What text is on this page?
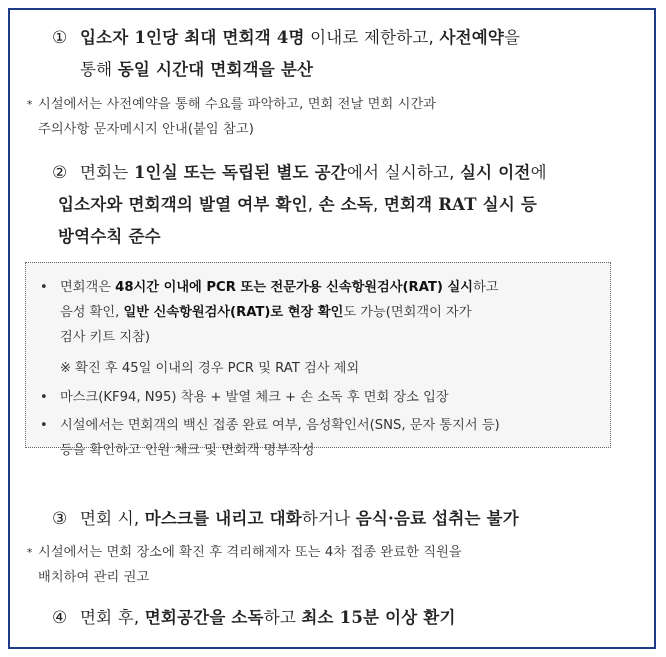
① 입소자 1인당 최대 면회객 4명 이내로 제한하고, 사전예약을
통해 동일 시간대 면회객을 분산
* 시설에서는 사전예약을 통해 수요를 파악하고, 면회 전날 면회 시간과
주의사항 문자메시지 안내(붙임 참고)
② 면회는 1인실 또는 독립된 별도 공간에서 실시하고, 실시 이전에
입소자와 면회객의 발열 여부 확인, 손 소독, 면회객 RAT 실시 등
방역수칙 준수
• 면회객은 48시간 이내에 PCR 또는 전문가용 신속항원검사(RAT) 실시하고
음성 확인, 일반 신속항원검사(RAT)로 현장 확인도 가능(면회객이 자가
검사 키트 지참)
※ 확진 후 45일 이내의 경우 PCR 및 RAT 검사 제외
• 마스크(KF94, N95) 착용 + 발열 체크 + 손 소독 후 면회 장소 입장
• 시설에서는 면회객의 백신 접종 완료 여부, 음성확인서(SNS, 문자 통지서 등)
등을 확인하고 인원 체크 및 면회객 명부작성
③ 면회 시, 마스크를 내리고 대화하거나 음식·음료 섭취는 불가
* 시설에서는 면회 장소에 확진 후 격리해제자 또는 4차 접종 완료한 직원을
배치하여 관리 권고
④ 면회 후, 면회공간을 소독하고 최소 15분 이상 환기
